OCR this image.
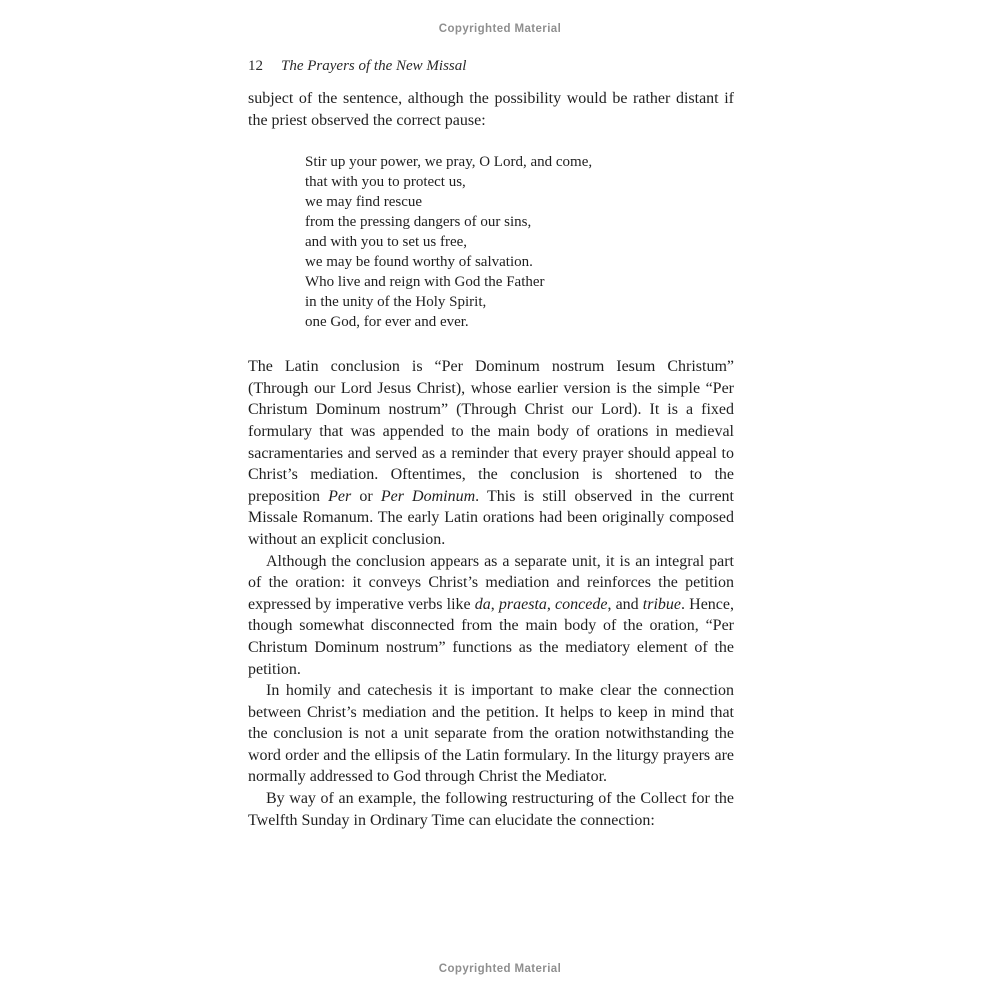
Copyrighted Material
12 The Prayers of the New Missal

subject of the sentence, although the possibility would be rather distant if the priest observed the correct pause:

Stir up your power, we pray, O Lord, and come,
that with you to protect us,
we may find rescue
from the pressing dangers of our sins,
and with you to set us free,
we may be found worthy of salvation.
Who live and reign with God the Father
in the unity of the Holy Spirit,
one God, for ever and ever.

The Latin conclusion is “Per Dominum nostrum Iesum Christum” (Through our Lord Jesus Christ), whose earlier version is the simple “Per Christum Dominum nostrum” (Through Christ our Lord). It is a fixed formulary that was appended to the main body of orations in medieval sacramentaries and served as a reminder that every prayer should appeal to Christ’s mediation. Oftentimes, the conclusion is shortened to the preposition Per or Per Dominum. This is still observed in the current Missale Romanum. The early Latin orations had been originally composed without an explicit conclusion.

Although the conclusion appears as a separate unit, it is an integral part of the oration: it conveys Christ’s mediation and reinforces the petition expressed by imperative verbs like da, praesta, concede, and tribue. Hence, though somewhat disconnected from the main body of the oration, “Per Christum Dominum nostrum” functions as the mediatory element of the petition.

In homily and catechesis it is important to make clear the connection between Christ’s mediation and the petition. It helps to keep in mind that the conclusion is not a unit separate from the oration notwithstanding the word order and the ellipsis of the Latin formulary. In the liturgy prayers are normally addressed to God through Christ the Mediator.

By way of an example, the following restructuring of the Collect for the Twelfth Sunday in Ordinary Time can elucidate the connection:

Copyrighted Material
